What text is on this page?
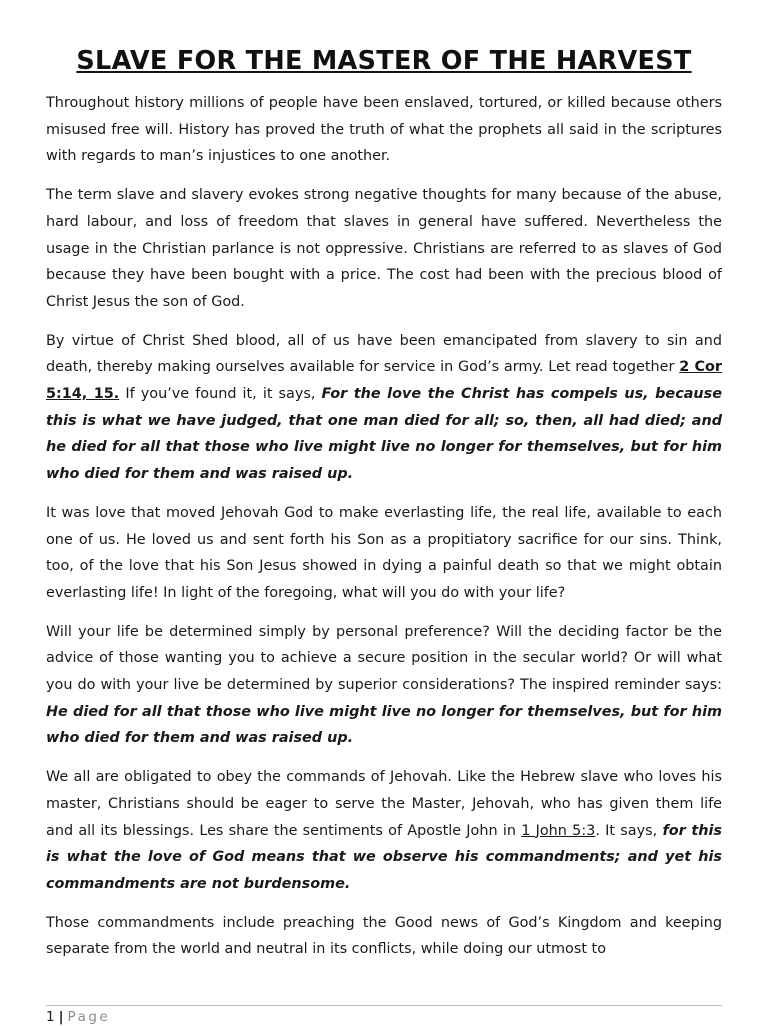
SLAVE FOR THE MASTER OF THE HARVEST

Throughout history millions of people have been enslaved, tortured, or killed because others misused free will. History has proved the truth of what the prophets all said in the scriptures with regards to man’s injustices to one another.

The term slave and slavery evokes strong negative thoughts for many because of the abuse, hard labour, and loss of freedom that slaves in general have suffered. Nevertheless the usage in the Christian parlance is not oppressive. Christians are referred to as slaves of God because they have been bought with a price. The cost had been with the precious blood of Christ Jesus the son of God.

By virtue of Christ Shed blood, all of us have been emancipated from slavery to sin and death, thereby making ourselves available for service in God’s army. Let read together 2 Cor 5:14, 15. If you’ve found it, it says, For the love the Christ has compels us, because this is what we have judged, that one man died for all; so, then, all had died; and he died for all that those who live might live no longer for themselves, but for him who died for them and was raised up.

It was love that moved Jehovah God to make everlasting life, the real life, available to each one of us. He loved us and sent forth his Son as a propitiatory sacrifice for our sins. Think, too, of the love that his Son Jesus showed in dying a painful death so that we might obtain everlasting life! In light of the foregoing, what will you do with your life?

Will your life be determined simply by personal preference? Will the deciding factor be the advice of those wanting you to achieve a secure position in the secular world? Or will what you do with your live be determined by superior considerations? The inspired reminder says: He died for all that those who live might live no longer for themselves, but for him who died for them and was raised up.

We all are obligated to obey the commands of Jehovah. Like the Hebrew slave who loves his master, Christians should be eager to serve the Master, Jehovah, who has given them life and all its blessings. Les share the sentiments of Apostle John in 1 John 5:3. It says, for this is what the love of God means that we observe his commandments; and yet his commandments are not burdensome.

Those commandments include preaching the Good news of God’s Kingdom and keeping separate from the world and neutral in its conflicts, while doing our utmost to

1 | Page
